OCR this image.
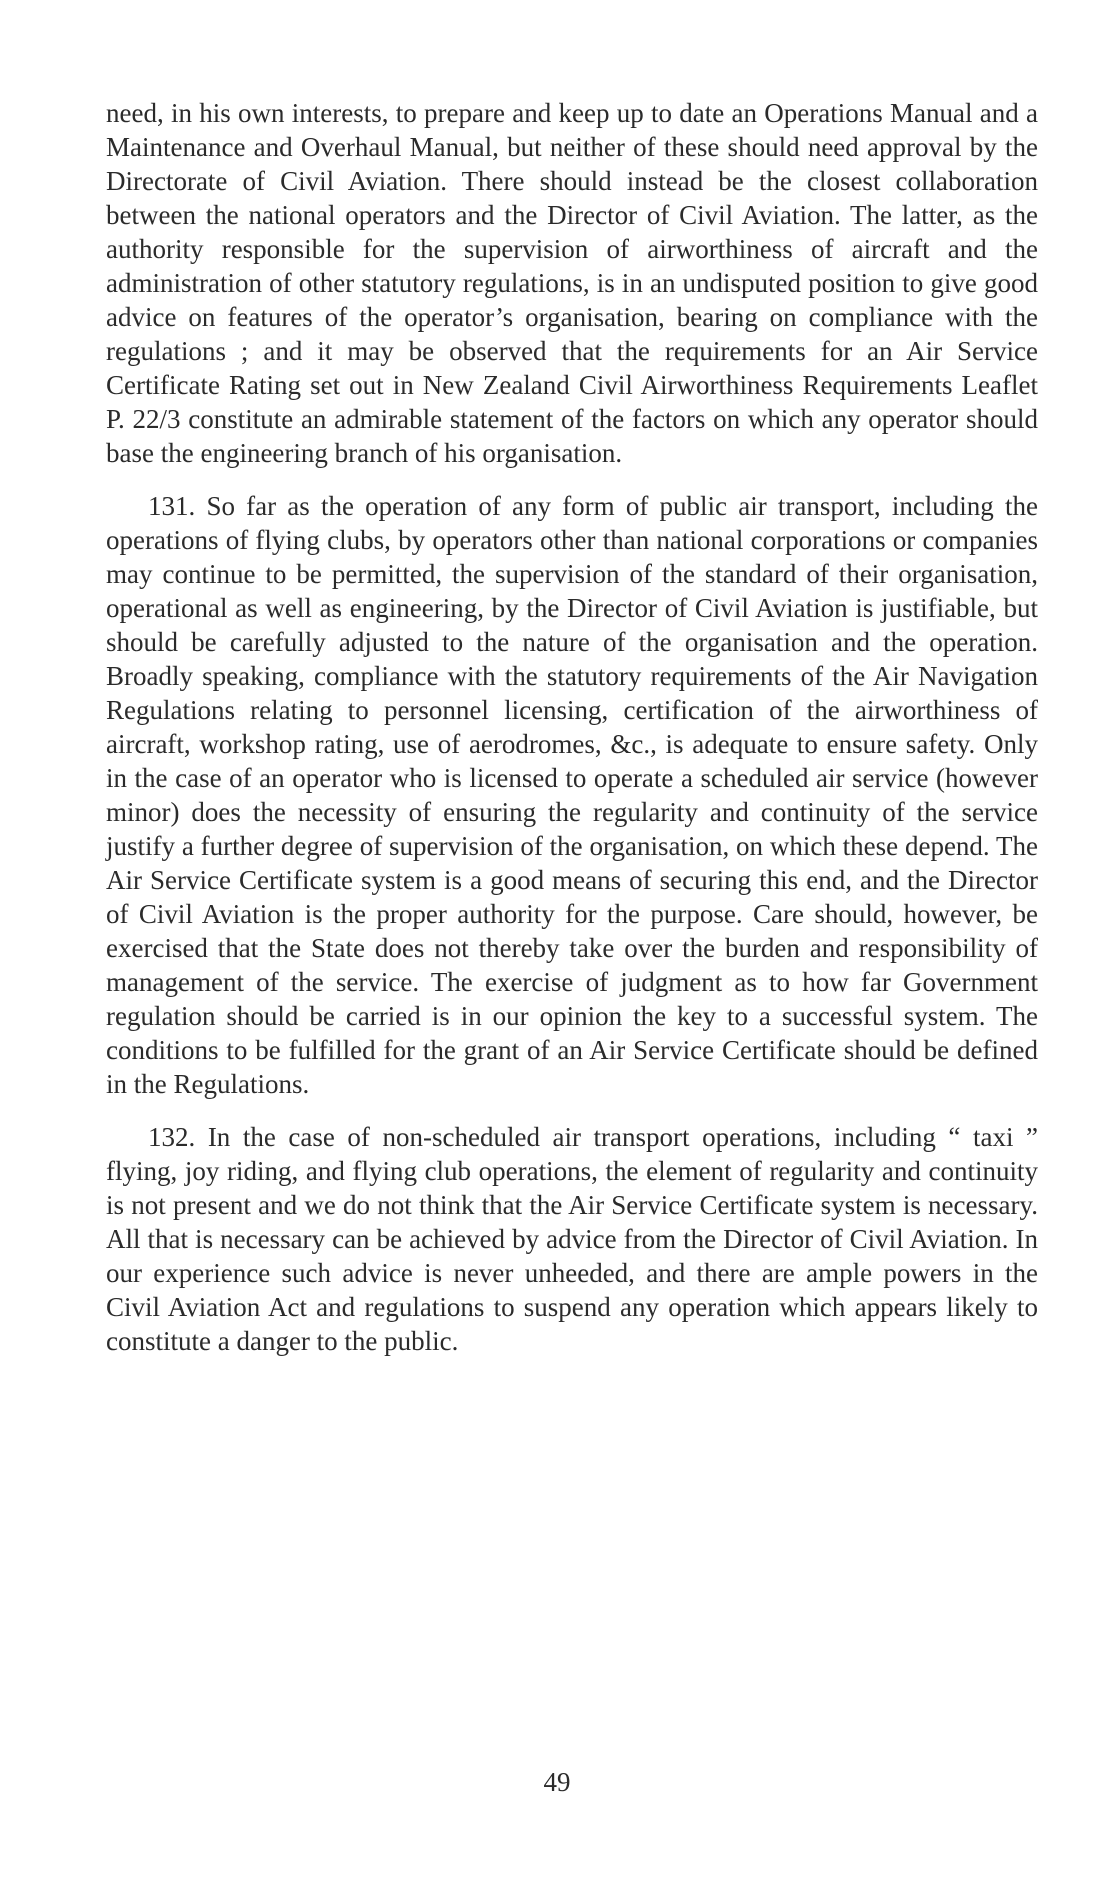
need, in his own interests, to prepare and keep up to date an Operations Manual and a Maintenance and Overhaul Manual, but neither of these should need approval by the Directorate of Civil Aviation. There should instead be the closest collaboration between the national operators and the Director of Civil Aviation. The latter, as the authority responsible for the supervision of airworthiness of aircraft and the administration of other statutory regulations, is in an undisputed position to give good advice on features of the operator’s organisation, bearing on compliance with the regulations ; and it may be observed that the requirements for an Air Service Certificate Rating set out in New Zealand Civil Airworthiness Requirements Leaflet P. 22/3 constitute an admirable statement of the factors on which any operator should base the engineering branch of his organisation.

131. So far as the operation of any form of public air transport, including the operations of flying clubs, by operators other than national corporations or companies may continue to be permitted, the supervision of the standard of their organisation, operational as well as engineering, by the Director of Civil Aviation is justifiable, but should be carefully adjusted to the nature of the organisation and the operation. Broadly speaking, compliance with the statutory requirements of the Air Navigation Regulations relating to personnel licensing, certification of the airworthiness of aircraft, workshop rating, use of aerodromes, &c., is adequate to ensure safety. Only in the case of an operator who is licensed to operate a scheduled air service (however minor) does the necessity of ensuring the regularity and continuity of the service justify a further degree of supervision of the organisation, on which these depend. The Air Service Certificate system is a good means of securing this end, and the Director of Civil Aviation is the proper authority for the purpose. Care should, however, be exercised that the State does not thereby take over the burden and responsibility of management of the service. The exercise of judgment as to how far Government regulation should be carried is in our opinion the key to a successful system. The conditions to be fulfilled for the grant of an Air Service Certificate should be defined in the Regulations.

132. In the case of non-scheduled air transport operations, including “ taxi ” flying, joy riding, and flying club operations, the element of regularity and continuity is not present and we do not think that the Air Service Certificate system is necessary. All that is necessary can be achieved by advice from the Director of Civil Aviation. In our experience such advice is never unheeded, and there are ample powers in the Civil Aviation Act and regulations to suspend any operation which appears likely to constitute a danger to the public.

49
